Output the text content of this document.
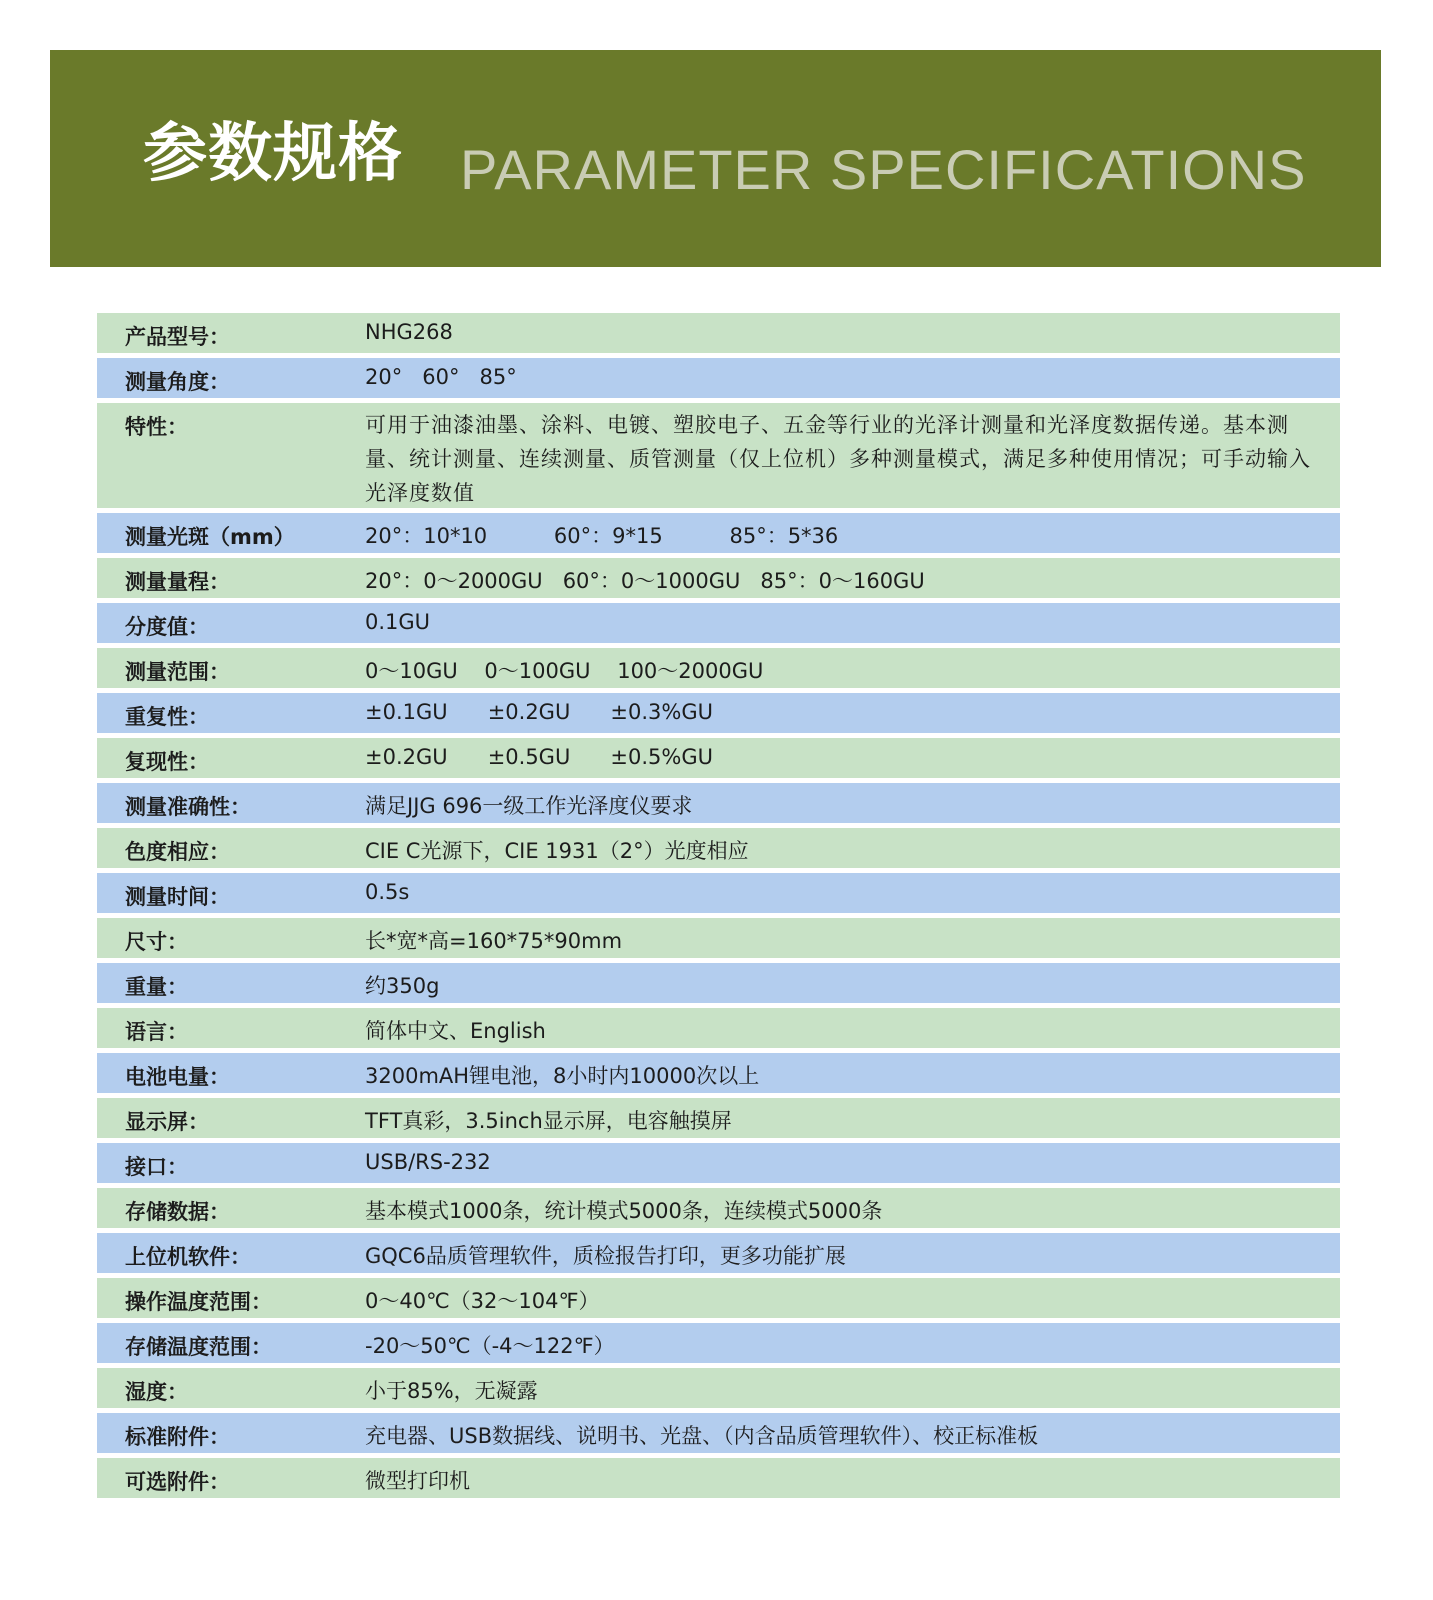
参数规格 PARAMETER SPECIFICATIONS
产品型号：	NHG268
测量角度：	20°   60°   85°
特性：	可用于油漆油墨、涂料、电镀、塑胶电子、五金等行业的光泽计测量和光泽度数据传递。基本测量、统计测量、连续测量、质管测量（仅上位机）多种测量模式，满足多种使用情况；可手动输入光泽度数值
测量光斑（mm）	20°：10*10          60°：9*15          85°：5*36
测量量程：	20°：0～2000GU   60°：0～1000GU   85°：0～160GU
分度值：	0.1GU
测量范围：	0～10GU    0～100GU    100～2000GU
重复性：	±0.1GU      ±0.2GU      ±0.3%GU
复现性：	±0.2GU      ±0.5GU      ±0.5%GU
测量准确性：	满足JJG 696一级工作光泽度仪要求
色度相应：	CIE C光源下，CIE 1931（2°）光度相应
测量时间：	0.5s
尺寸：	长*宽*高=160*75*90mm
重量：	约350g
语言：	简体中文、English
电池电量：	3200mAH锂电池，8小时内10000次以上
显示屏：	TFT真彩，3.5inch显示屏，电容触摸屏
接口：	USB/RS-232
存储数据：	基本模式1000条，统计模式5000条，连续模式5000条
上位机软件：	GQC6品质管理软件，质检报告打印，更多功能扩展
操作温度范围：	0～40℃（32～104℉）
存储温度范围：	-20～50℃（-4～122℉）
湿度：	小于85%，无凝露
标准附件：	充电器、USB数据线、说明书、光盘、（内含品质管理软件）、校正标准板
可选附件：	微型打印机
